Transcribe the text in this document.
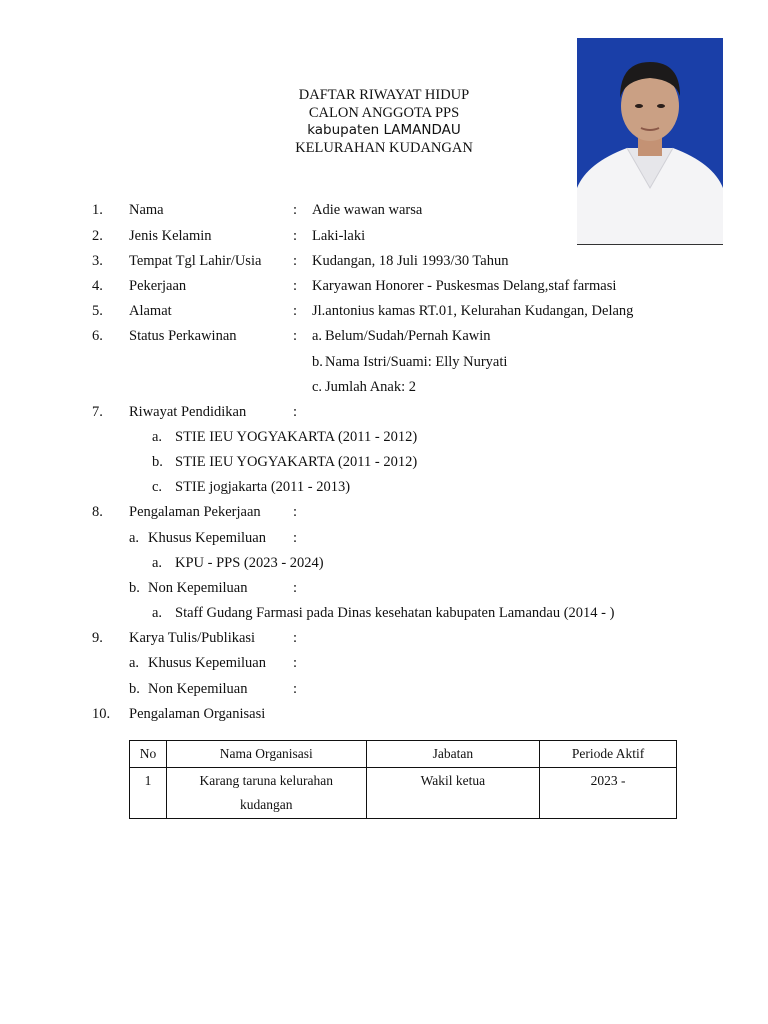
DAFTAR RIWAYAT HIDUP
CALON ANGGOTA PPS
kabupaten LAMANDAU
KELURAHAN KUDANGAN
1. Nama	: Adie wawan warsa
2. Jenis Kelamin	: Laki-laki
3. Tempat Tgl Lahir/Usia : Kudangan, 18 Juli 1993/30 Tahun
4. Pekerjaan	: Karyawan Honorer - Puskesmas Delang,staf farmasi
5. Alamat	: Jl.antonius kamas RT.01, Kelurahan Kudangan, Delang
6. Status Perkawinan	: a. Belum/Sudah/Pernah Kawin
b. Nama Istri/Suami: Elly Nuryati
c. Jumlah Anak: 2
7. Riwayat Pendidikan	:
a. STIE IEU YOGYAKARTA (2011 - 2012)
b. STIE IEU YOGYAKARTA (2011 - 2012)
c. STIE jogjakarta (2011 - 2013)
8. Pengalaman Pekerjaan :
a. Khusus Kepemiluan :
a. KPU - PPS (2023 - 2024)
b. Non Kepemiluan	:
a. Staff Gudang Farmasi pada Dinas kesehatan kabupaten Lamandau (2014 - )
9. Karya Tulis/Publikasi	:
a. Khusus Kepemiluan :
b. Non Kepemiluan	:
10. Pengalaman Organisasi
No	Nama Organisasi	Jabatan	Periode Aktif
1	Karang taruna kelurahan
kudangan	Wakil ketua	2023 -
